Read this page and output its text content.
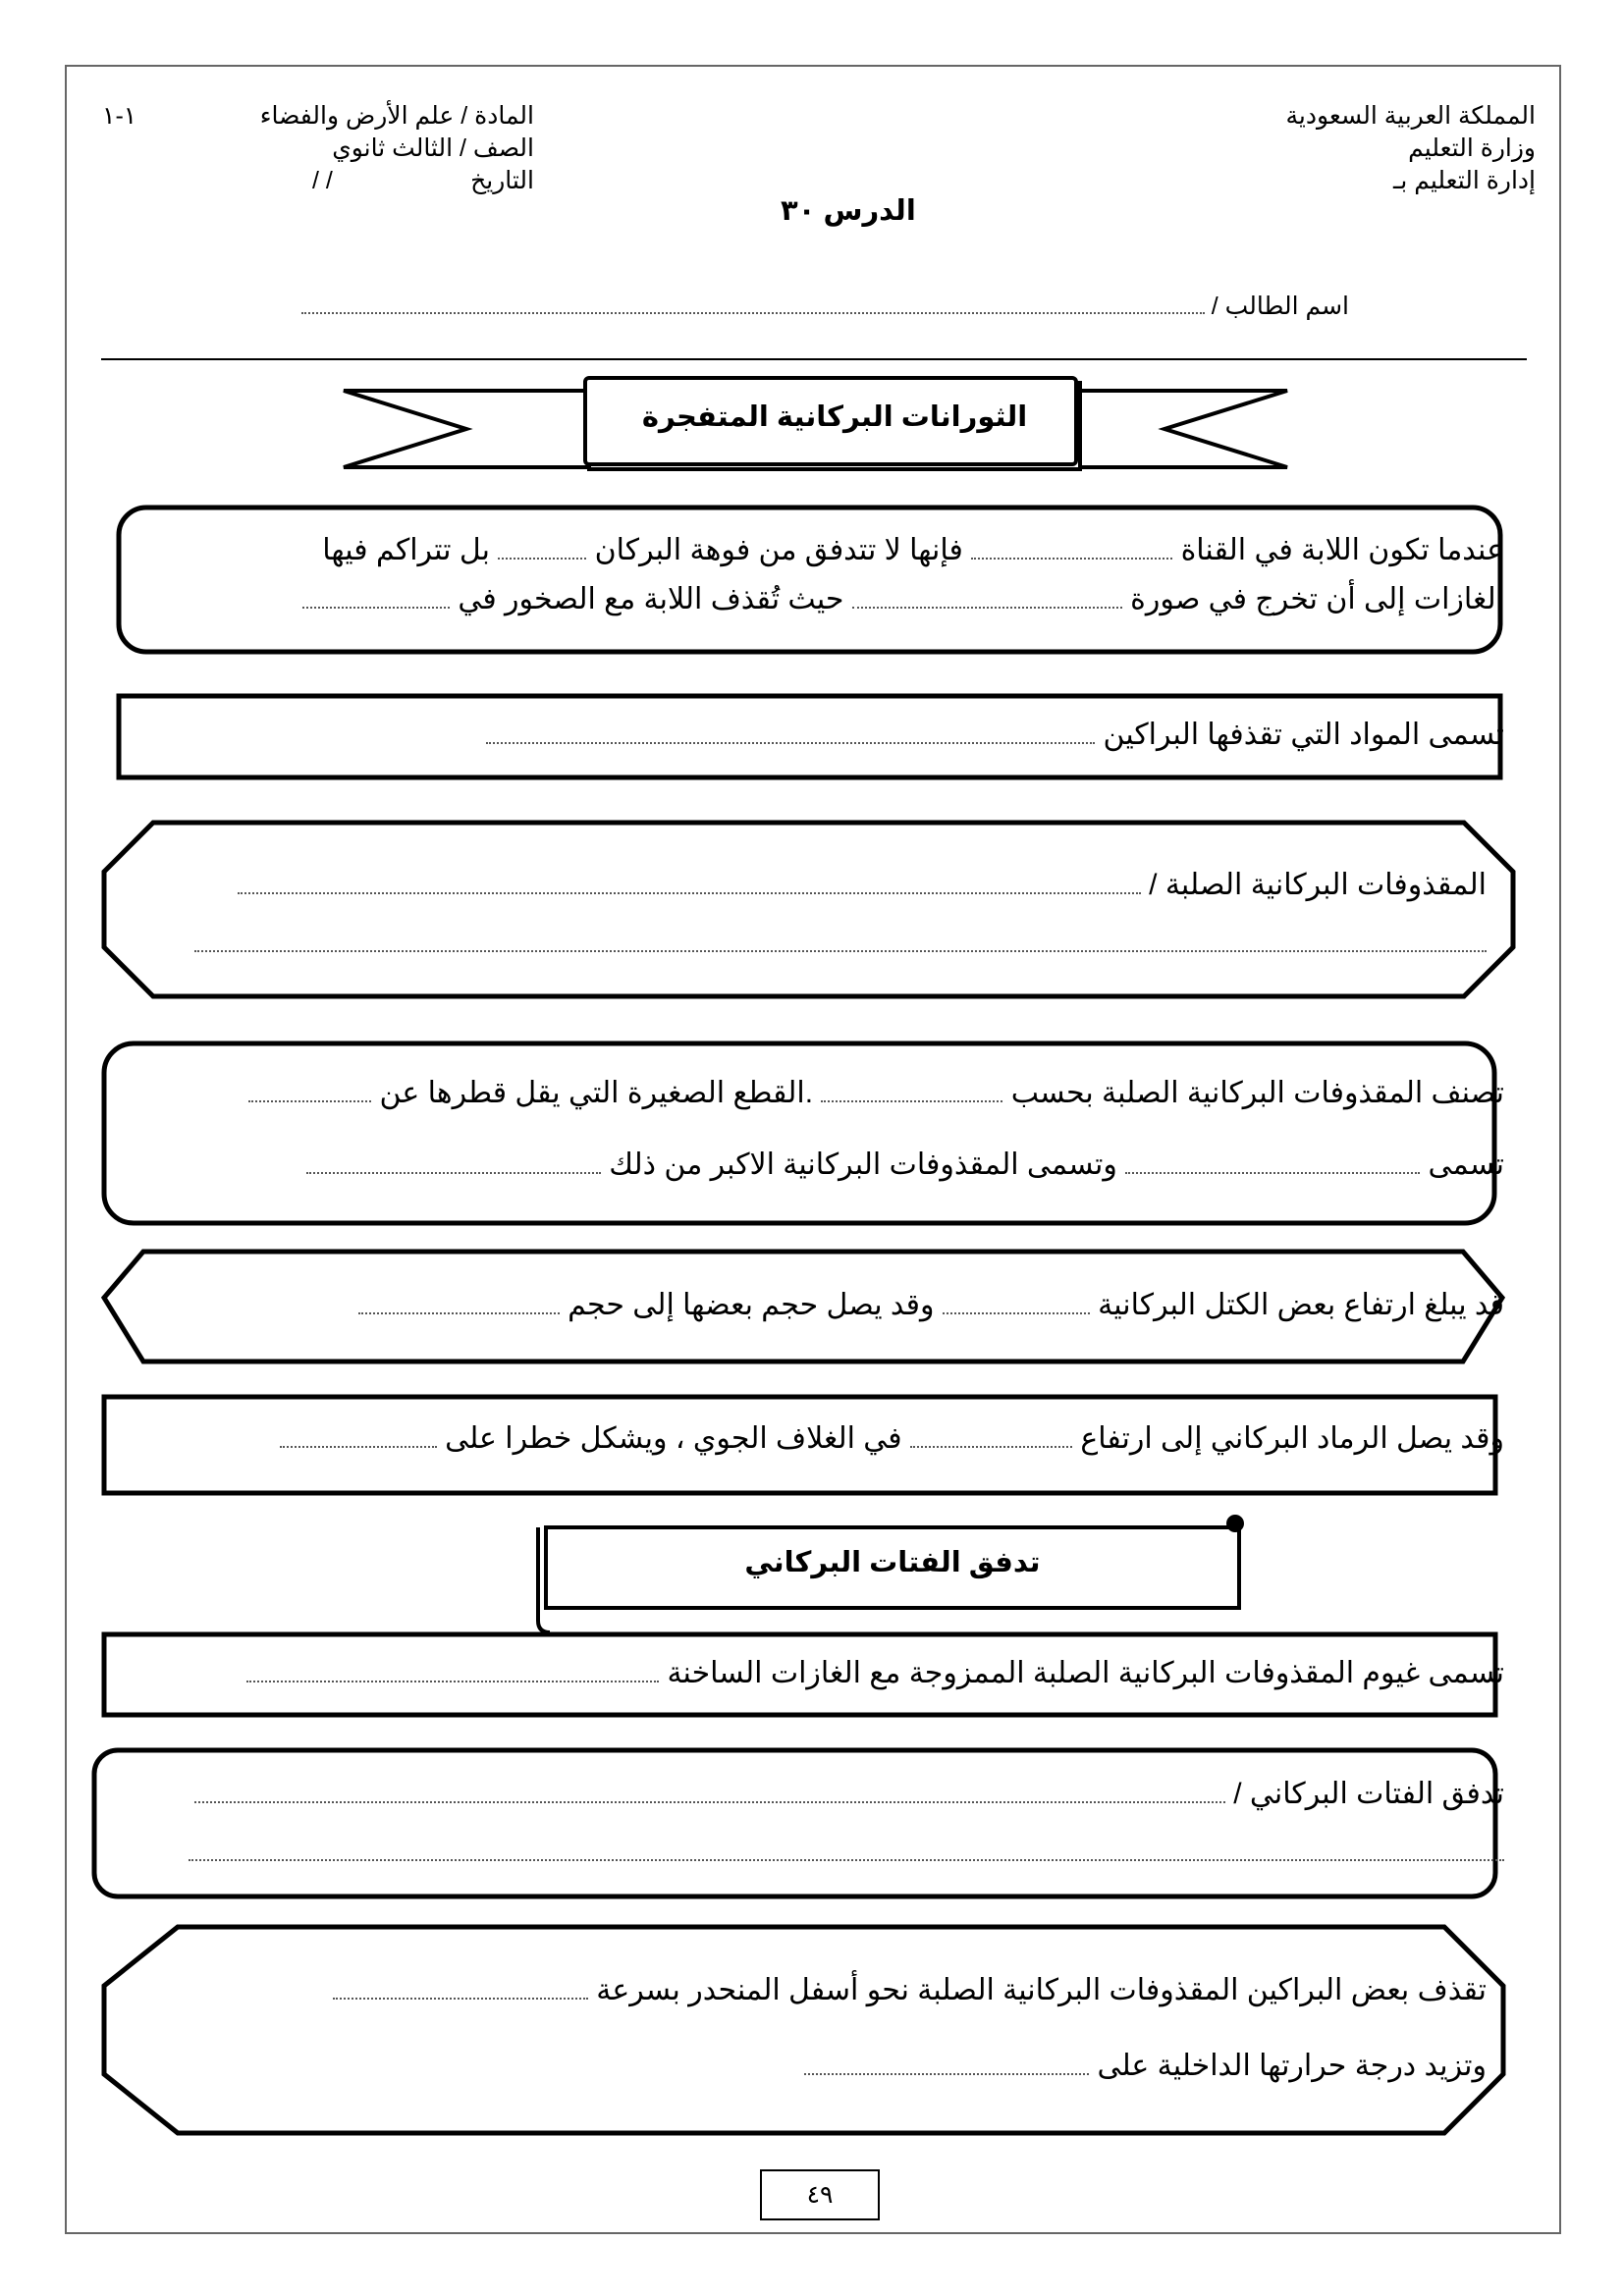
المملكة العربية السعودية
وزارة التعليم
إدارة التعليم بـ
المادة / علم الأرض والفضاء
الصف / الثالث ثانوي
التاريخ
١-١
/ /
الدرس ٣٠
اسم الطالب /
الثورانات البركانية المتفجرة
عندما تكون اللابة في القناة  فإنها لا تتدفق من فوهة البركان  بل تتراكم فيها
الغازات إلى أن تخرج في صورة  حيث تُقذف اللابة مع الصخور في
تسمى المواد التي تقذفها البراكين
المقذوفات البركانية الصلبة /
تصنف المقذوفات البركانية الصلبة بحسب  .القطع الصغيرة التي يقل قطرها عن
تسمى  وتسمى المقذوفات البركانية الاكبر من ذلك
قد يبلغ ارتفاع بعض الكتل البركانية  وقد يصل حجم بعضها إلى حجم
وقد يصل الرماد البركاني إلى ارتفاع  في الغلاف الجوي ، ويشكل خطرا على
تدفق الفتات البركاني
تسمى غيوم المقذوفات البركانية الصلبة الممزوجة مع الغازات الساخنة
تدفق الفتات البركاني /
تقذف بعض البراكين المقذوفات البركانية الصلبة نحو أسفل المنحدر بسرعة
وتزيد درجة حرارتها الداخلية على
٤٩
